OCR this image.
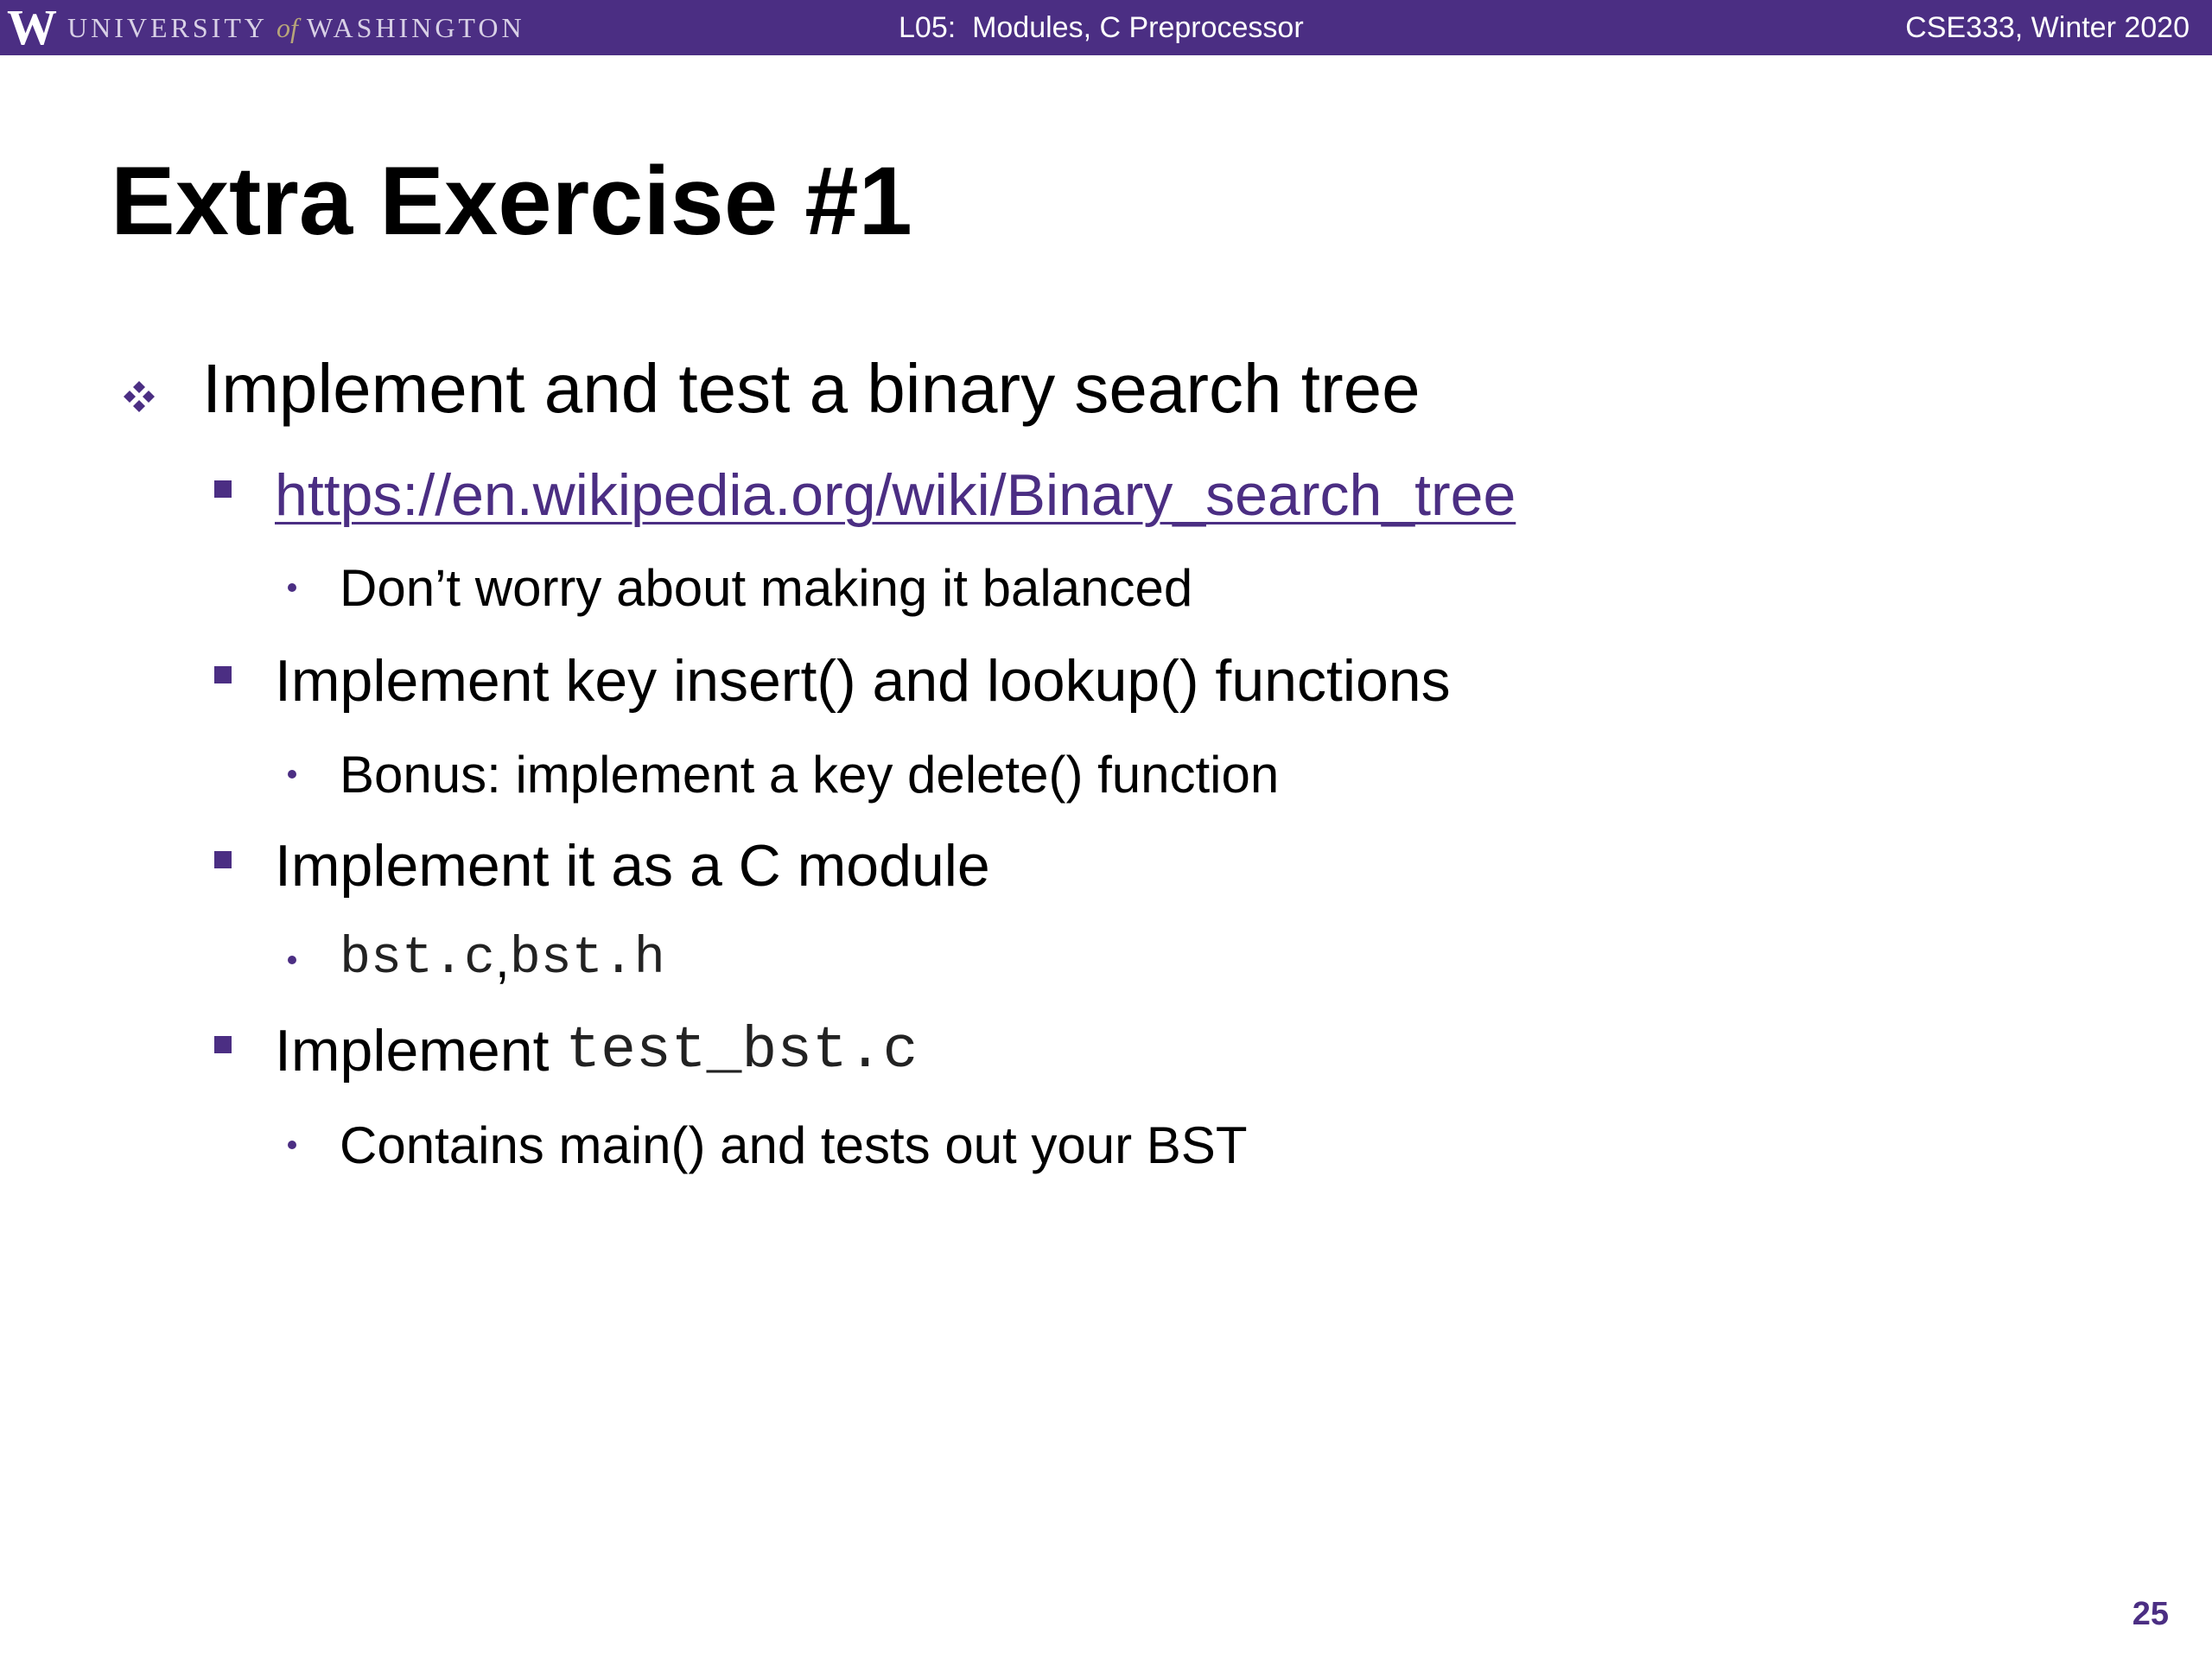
W UNIVERSITY of WASHINGTON	L05:  Modules, C Preprocessor	CSE333, Winter 2020
Extra Exercise #1
Implement and test a binary search tree
https://en.wikipedia.org/wiki/Binary_search_tree
Don’t worry about making it balanced
Implement key insert() and lookup() functions
Bonus: implement a key delete() function
Implement it as a C module
bst.c , bst.h
Implement test_bst.c
Contains main() and tests out your BST
25
